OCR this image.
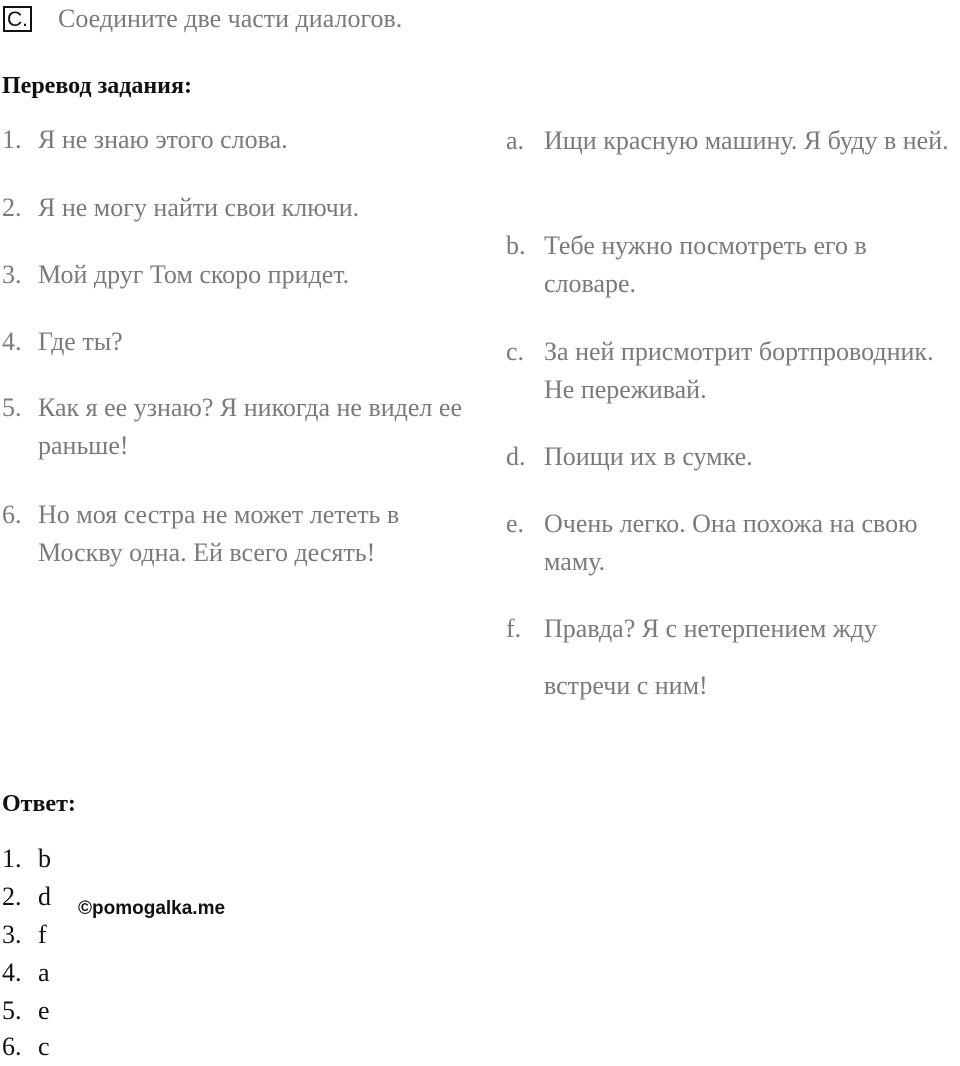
C. Соедините две части диалогов.
Перевод задания:
1. Я не знаю этого слова.
2. Я не могу найти свои ключи.
3. Мой друг Том скоро придет.
4. Где ты?
5. Как я ее узнаю? Я никогда не видел ее раньше!
6. Но моя сестра не может лететь в Москву одна. Ей всего десять!
a. Ищи красную машину. Я буду в ней.
b. Тебе нужно посмотреть его в словаре.
c. За ней присмотрит бортпроводник. Не переживай.
d. Поищи их в сумке.
e. Очень легко. Она похожа на свою маму.
f. Правда? Я с нетерпением жду
встречи с ним!
Ответ:
1. b
2. d
3. f
4. a
5. e
6. c
©pomogalka.me
